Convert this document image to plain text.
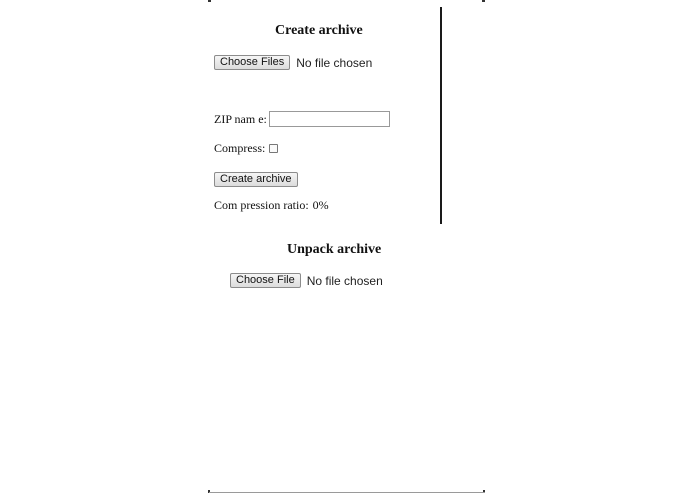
Create archive
Choose Files	No file chosen
ZIP nam e:
Compress:
Create archive
Com pression ratio: 0%
Unpack archive
Choose File	No file chosen
